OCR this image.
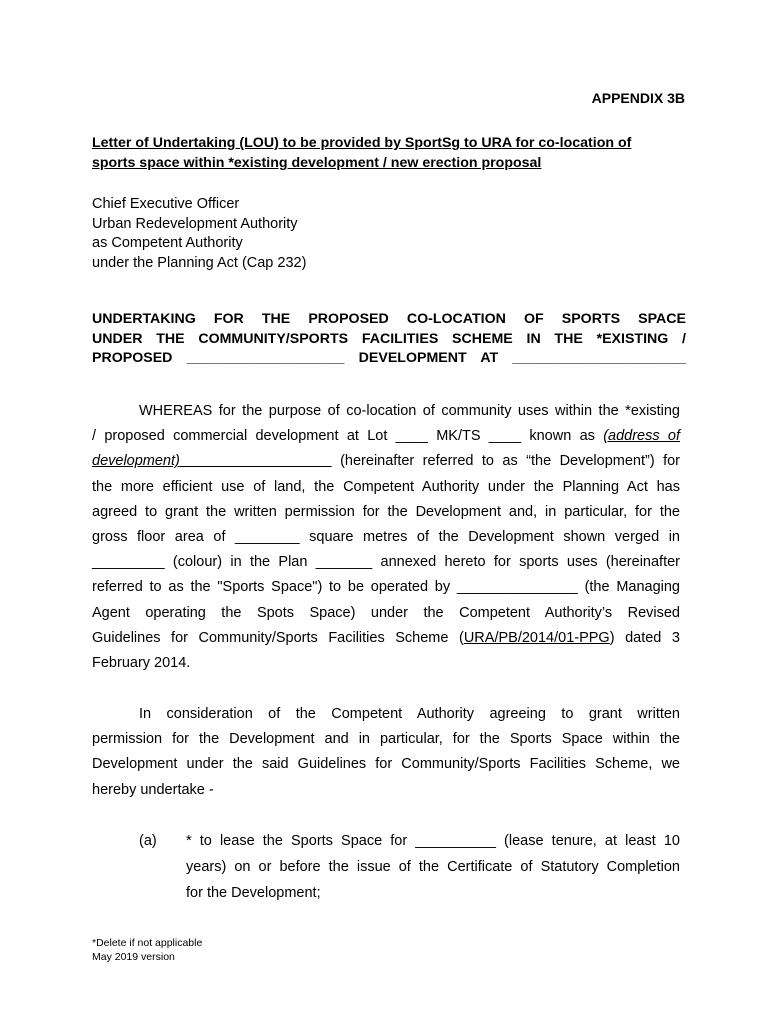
APPENDIX 3B
Letter of Undertaking (LOU) to be provided by SportSg to URA for co-location of
sports space within *existing development / new erection proposal
Chief Executive Officer
Urban Redevelopment Authority
as Competent Authority
under the Planning Act (Cap 232)
UNDERTAKING FOR THE PROPOSED CO-LOCATION OF SPORTS SPACE
UNDER THE COMMUNITY/SPORTS FACILITIES SCHEME IN THE *EXISTING /
PROPOSED ____________________ DEVELOPMENT AT ______________________
WHEREAS for the purpose of co-location of community uses within the *existing
/ proposed commercial development at Lot ____ MK/TS ____ known as (address of
development)	(hereinafter referred to as “the Development”) for
the more efficient use of land, the Competent Authority under the Planning Act has
agreed to grant the written permission for the Development and, in particular, for the
gross floor area of ________ square metres of the Development shown verged in
_________ (colour) in the Plan _______ annexed hereto for sports uses (hereinafter
referred to as the "Sports Space") to be operated by _______________ (the Managing
Agent operating the Spots Space) under the Competent Authority’s Revised
Guidelines for Community/Sports Facilities Scheme (URA/PB/2014/01-PPG) dated 3
February 2014.
In consideration of the Competent Authority agreeing to grant written
permission for the Development and in particular, for the Sports Space within the
Development under the said Guidelines for Community/Sports Facilities Scheme, we
hereby undertake -
(a) * to lease the Sports Space for __________ (lease tenure, at least 10
years) on or before the issue of the Certificate of Statutory Completion
for the Development;
*Delete if not applicable
May 2019 version
